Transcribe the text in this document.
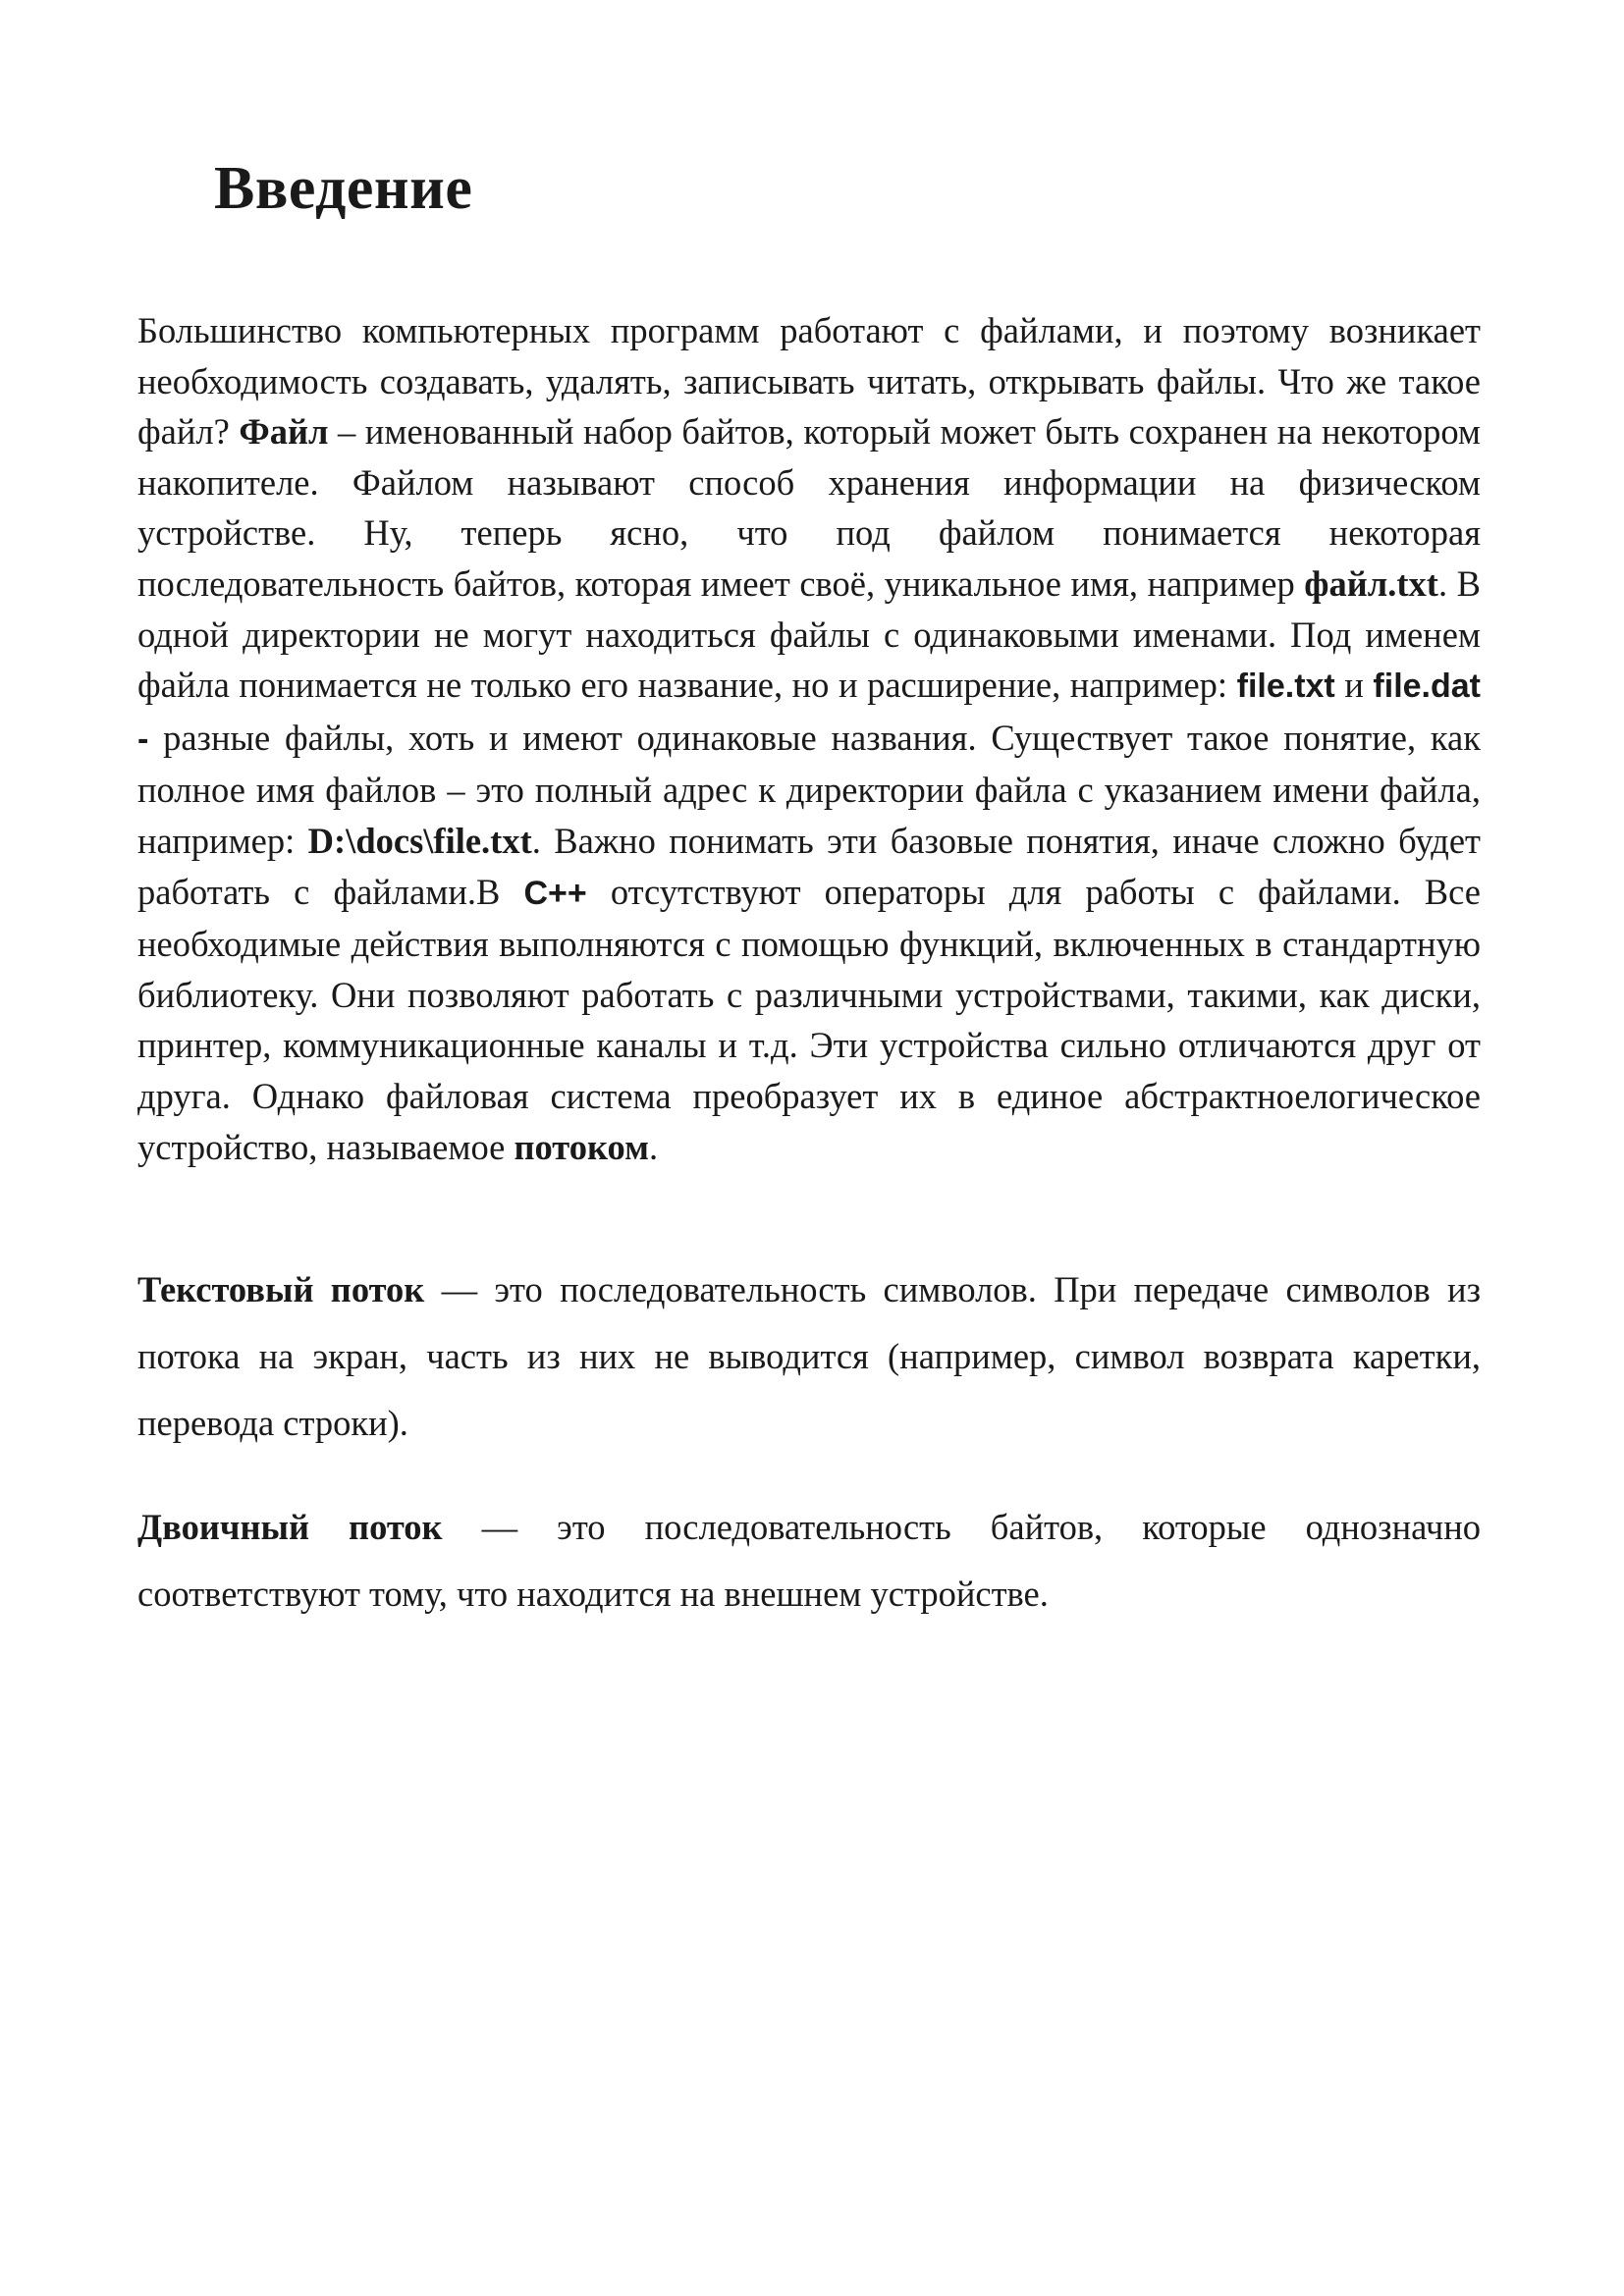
Введение

Большинство компьютерных программ работают с файлами, и поэтому возникает необходимость создавать, удалять, записывать читать, открывать файлы. Что же такое файл? Файл – именованный набор байтов, который может быть сохранен на некотором накопителе. Файлом называют способ хранения информации на физическом устройстве. Ну, теперь ясно, что под файлом понимается некоторая последовательность байтов, которая имеет своё, уникальное имя, например файл.txt. В одной директории не могут находиться файлы с одинаковыми именами. Под именем файла понимается не только его название, но и расширение, например: file.txt и file.dat - разные файлы, хоть и имеют одинаковые названия. Существует такое понятие, как полное имя файлов – это полный адрес к директории файла с указанием имени файла, например: D:\docs\file.txt. Важно понимать эти базовые понятия, иначе сложно будет работать с файлами.В C++ отсутствуют операторы для работы с файлами. Все необходимые действия выполняются с помощью функций, включенных в стандартную библиотеку. Они позволяют работать с различными устройствами, такими, как диски, принтер, коммуникационные каналы и т.д. Эти устройства сильно отличаются друг от друга. Однако файловая система преобразует их в единое абстрактноелогическое устройство, называемое потоком.

Текстовый поток — это последовательность символов. При передаче символов из потока на экран, часть из них не выводится (например, символ возврата каретки, перевода строки).

Двоичный поток — это последовательность байтов, которые однозначно соответствуют тому, что находится на внешнем устройстве.
